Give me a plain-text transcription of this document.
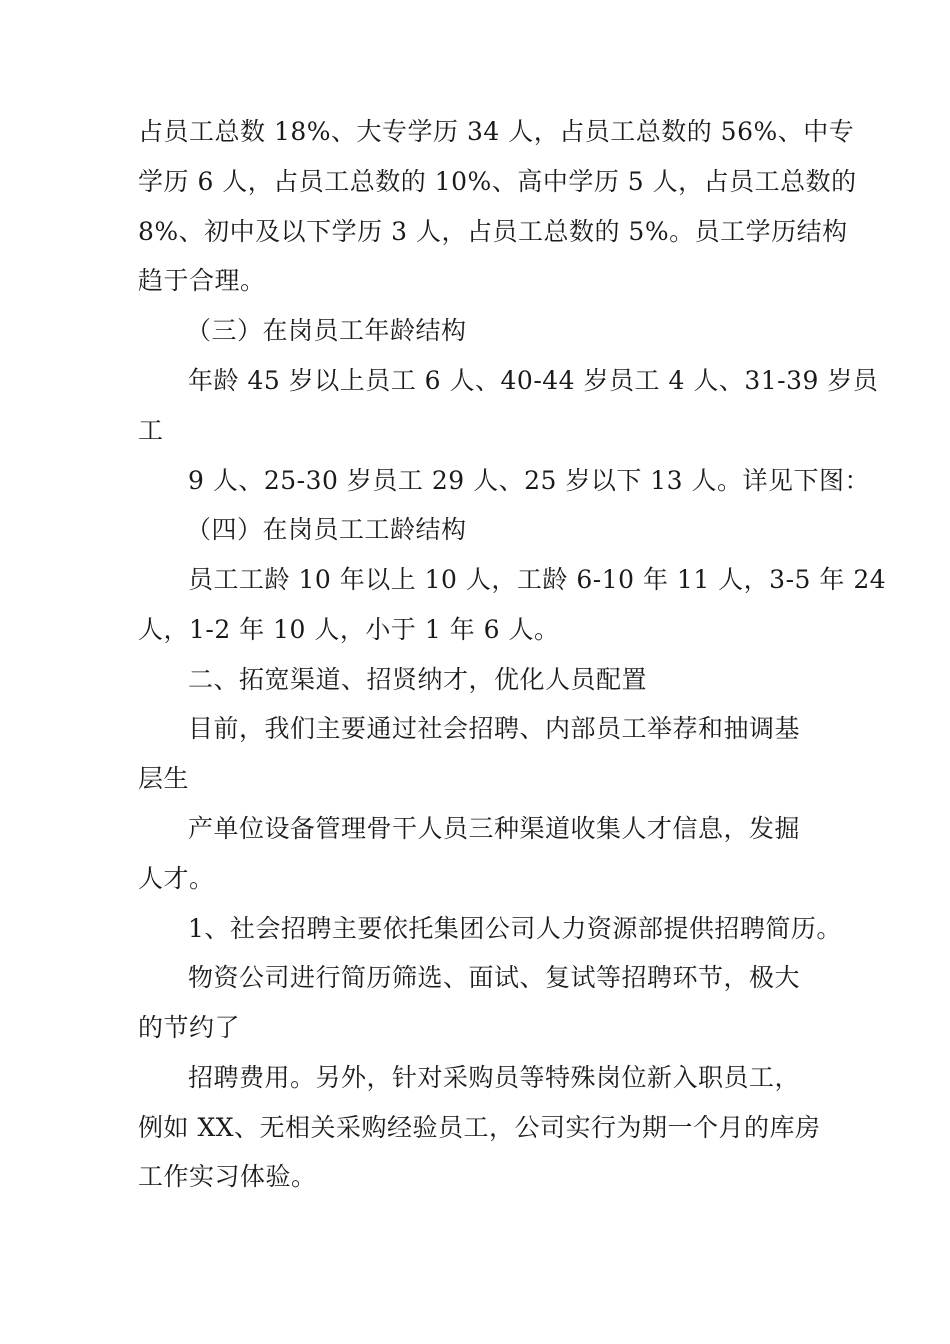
占员工总数 18%、大专学历 34 人，占员工总数的 56%、中专
学历 6 人，占员工总数的 10%、高中学历 5 人，占员工总数的
8%、初中及以下学历 3 人，占员工总数的 5%。员工学历结构
趋于合理。
（三）在岗员工年龄结构
年龄 45 岁以上员工 6 人、40-44 岁员工 4 人、31-39 岁员
工
9 人、25-30 岁员工 29 人、25 岁以下 13 人。详见下图：
（四）在岗员工工龄结构
员工工龄 10 年以上 10 人，工龄 6-10 年 11 人，3-5 年 24
人，1-2 年 10 人，小于 1 年 6 人。
二、拓宽渠道、招贤纳才，优化人员配置
目前，我们主要通过社会招聘、内部员工举荐和抽调基
层生
产单位设备管理骨干人员三种渠道收集人才信息，发掘
人才。
1、社会招聘主要依托集团公司人力资源部提供招聘简历。
物资公司进行简历筛选、面试、复试等招聘环节，极大
的节约了
招聘费用。另外，针对采购员等特殊岗位新入职员工，
例如 XX、无相关采购经验员工，公司实行为期一个月的库房
工作实习体验。
